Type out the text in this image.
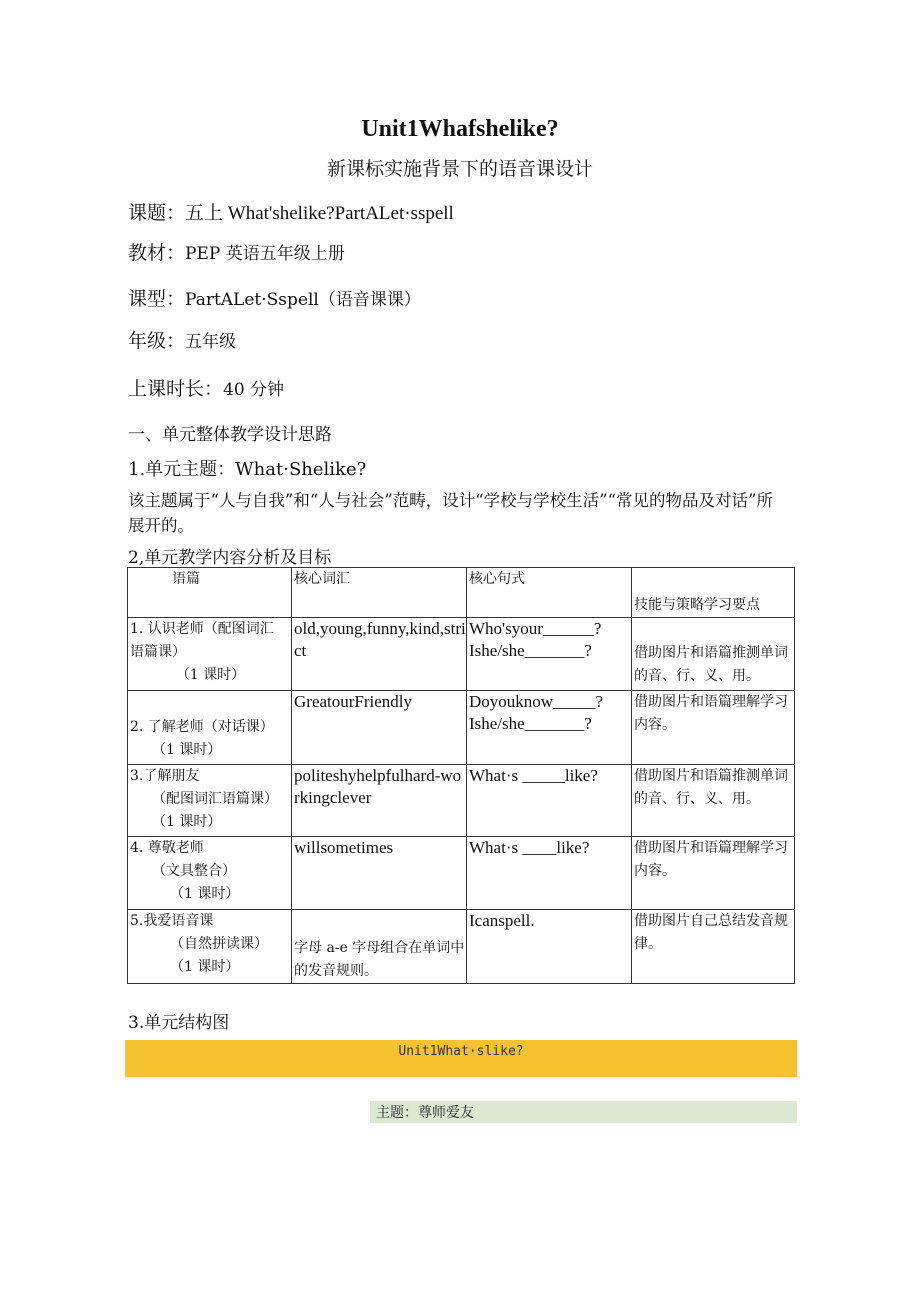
Unit1Whafshelike?
新课标实施背景下的语音课设计
课题：五上 What'shelike?PartALet·sspell
教材：PEP 英语五年级上册
课型：PartALet·Sspell（语音课课）
年级：五年级
上课时长：40 分钟
一、单元整体教学设计思路
1.单元主题：What·Shelike?
该主题属于“人与自我”和“人与社会”范畴，设计“学校与学校生活”“常见的物品及对话”所展开的。
2,单元教学内容分析及目标
语篇	核心词汇	核心句式	技能与策略学习要点

1. 认识老师（配图词汇
语篇课）
（1 课时）	old,young,funny,kind,strict	Who'syour______?
Ishe/she_______?	借助图片和语篇推测单词的音、行、义、用。

2. 了解老师（对话课）
（1 课时）	GreatourFriendly	Doyouknow_____?
Ishe/she_______?	借助图片和语篇理解学习内容。

3.了解朋友
（配图词汇语篇课）
（1 课时）	politeshyhelpfulhard-workingclever	What·s _____like?	借助图片和语篇推测单词的音、行、义、用。

4. 尊敬老师
（文具整合）
（1 课时）	willsometimes	What·s ____like?	借助图片和语篇理解学习内容。

5.我爱语音课
（自然拼读课）
（1 课时）	字母 a-e 字母组合在单词中的发音规则。	Icanspell.	借助图片自己总结发音规律。
3.单元结构图
Unit1What·slike?
主题：尊师爱友
